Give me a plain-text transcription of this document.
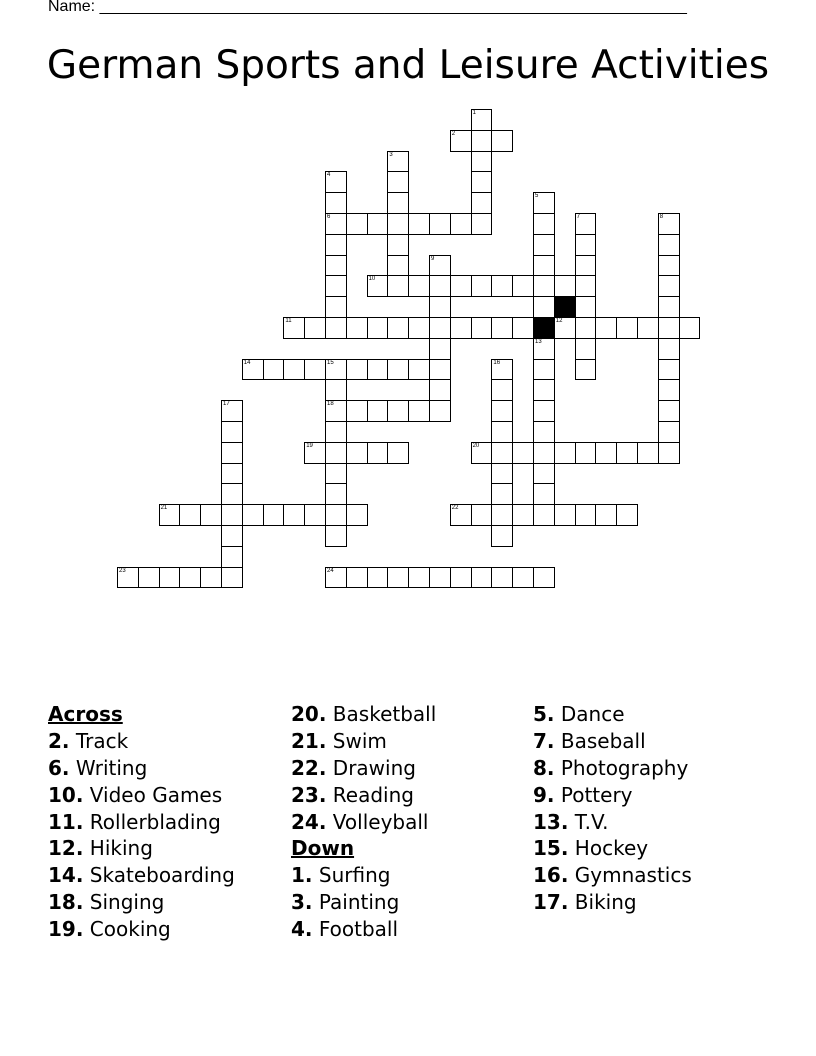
Name: __________________________________________________________________
German Sports and Leisure Activities
1
2
3
4
5
6	7	8
9
10
11	12
13
14	15	16
17	18
19	20
21	22
23	24
Across
2. Track
6. Writing
10. Video Games
11. Rollerblading
12. Hiking
14. Skateboarding
18. Singing
19. Cooking
20. Basketball
21. Swim
22. Drawing
23. Reading
24. Volleyball
Down
1. Surfing
3. Painting
4. Football
5. Dance
7. Baseball
8. Photography
9. Pottery
13. T.V.
15. Hockey
16. Gymnastics
17. Biking
